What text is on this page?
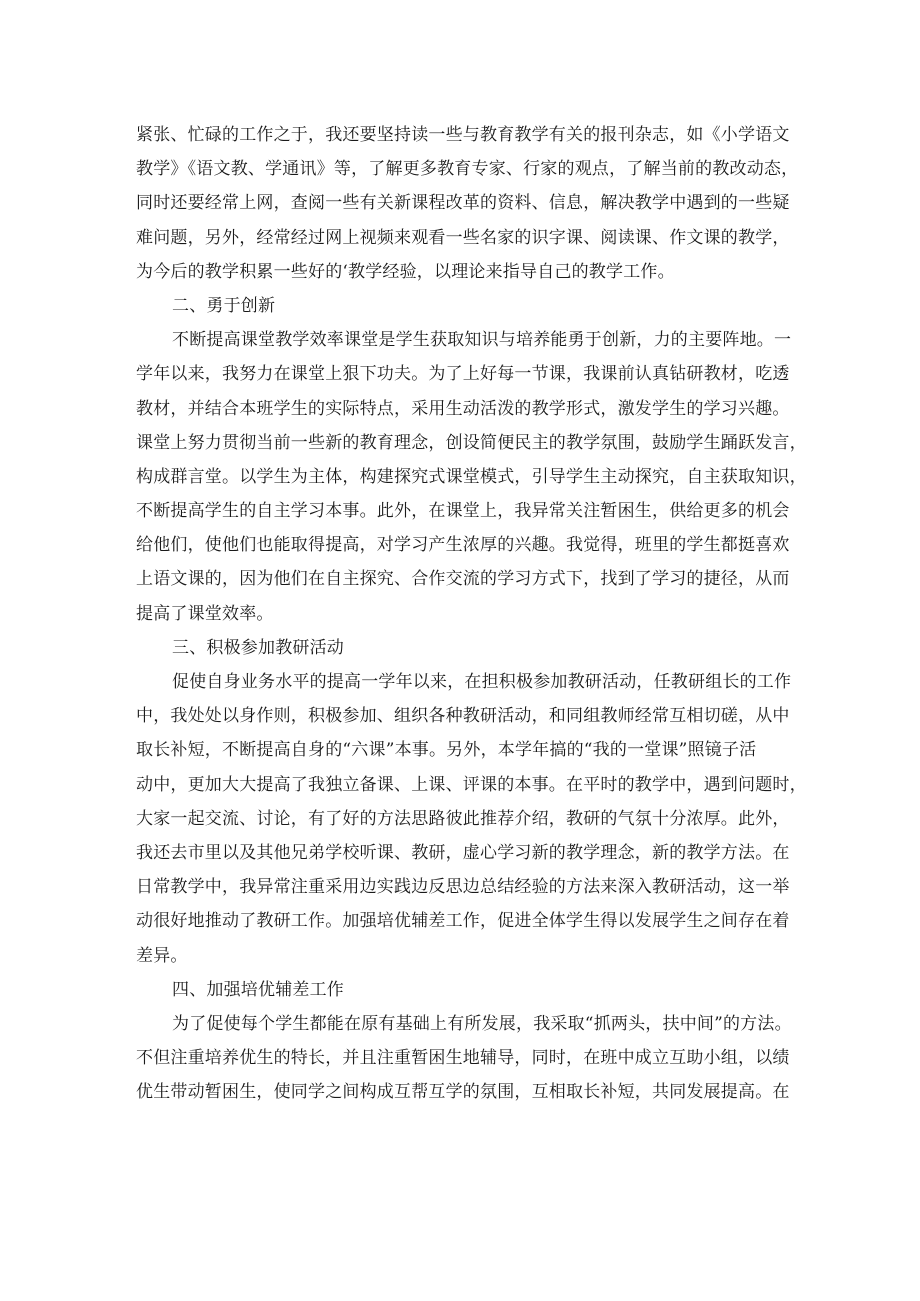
紧张、忙碌的工作之于，我还要坚持读一些与教育教学有关的报刊杂志，如《小学语文
教学》《语文教、学通讯》等，了解更多教育专家、行家的观点，了解当前的教改动态，
同时还要经常上网，查阅一些有关新课程改革的资料、信息，解决教学中遇到的一些疑
难问题，另外，经常经过网上视频来观看一些名家的识字课、阅读课、作文课的教学，
为今后的教学积累一些好的‘教学经验，以理论来指导自己的教学工作。
二、勇于创新
不断提高课堂教学效率课堂是学生获取知识与培养能勇于创新，力的主要阵地。一
学年以来，我努力在课堂上狠下功夫。为了上好每一节课，我课前认真钻研教材，吃透
教材，并结合本班学生的实际特点，采用生动活泼的教学形式，激发学生的学习兴趣。
课堂上努力贯彻当前一些新的教育理念，创设简便民主的教学氛围，鼓励学生踊跃发言，
构成群言堂。以学生为主体，构建探究式课堂模式，引导学生主动探究，自主获取知识，
不断提高学生的自主学习本事。此外，在课堂上，我异常关注暂困生，供给更多的机会
给他们，使他们也能取得提高，对学习产生浓厚的兴趣。我觉得，班里的学生都挺喜欢
上语文课的，因为他们在自主探究、合作交流的学习方式下，找到了学习的捷径，从而
提高了课堂效率。
三、积极参加教研活动
促使自身业务水平的提高一学年以来，在担积极参加教研活动，任教研组长的工作
中，我处处以身作则，积极参加、组织各种教研活动，和同组教师经常互相切磋，从中
取长补短，不断提高自身的“六课”本事。另外，本学年搞的“我的一堂课”照镜子活
动中，更加大大提高了我独立备课、上课、评课的本事。在平时的教学中，遇到问题时，
大家一起交流、讨论，有了好的方法思路彼此推荐介绍，教研的气氛十分浓厚。此外，
我还去市里以及其他兄弟学校听课、教研，虚心学习新的教学理念，新的教学方法。在
日常教学中，我异常注重采用边实践边反思边总结经验的方法来深入教研活动，这一举
动很好地推动了教研工作。加强培优辅差工作，促进全体学生得以发展学生之间存在着
差异。
四、加强培优辅差工作
为了促使每个学生都能在原有基础上有所发展，我采取“抓两头，扶中间”的方法。
不但注重培养优生的特长，并且注重暂困生地辅导，同时，在班中成立互助小组，以绩
优生带动暂困生，使同学之间构成互帮互学的氛围，互相取长补短，共同发展提高。在
